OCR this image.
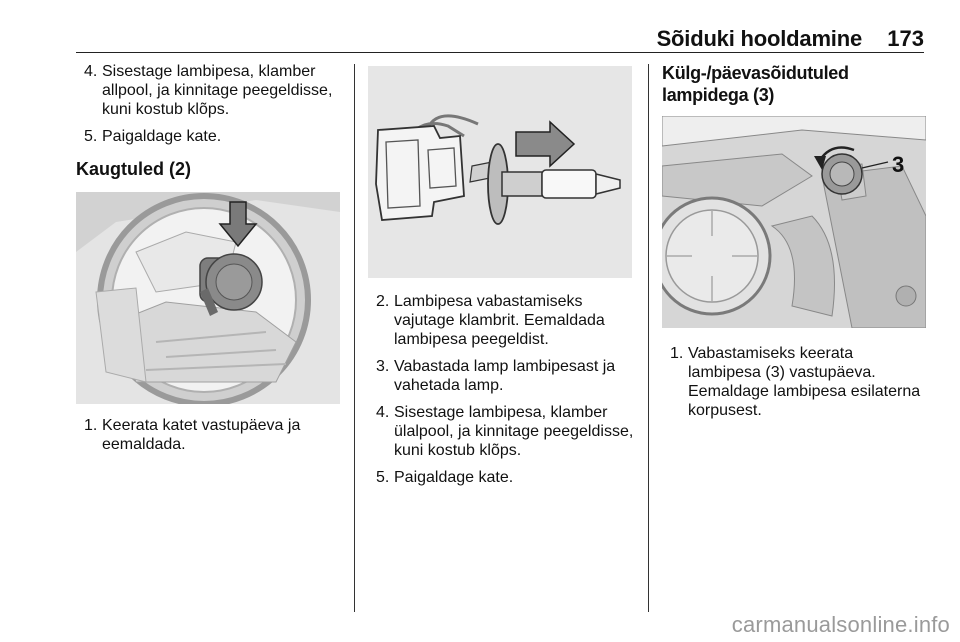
Sõiduki hooldamine 173
4. Sisestage lambipesa, klamber allpool, ja kinnitage peegeldisse, kuni kostub klõps.
5. Paigaldage kate.
Kaugtuled (2)
1. Keerata katet vastupäeva ja eemaldada.
2. Lambipesa vabastamiseks vajutage klambrit. Eemaldada lambipesa peegeldist.
3. Vabastada lamp lambipesast ja vahetada lamp.
4. Sisestage lambipesa, klamber ülalpool, ja kinnitage peegeldisse, kuni kostub klõps.
5. Paigaldage kate.
Külg-/päevasõidutuled lampidega (3)
3
1. Vabastamiseks keerata lambipesa (3) vastupäeva. Eemaldage lambipesa esilaterna korpusest.
carmanualsonline.info
